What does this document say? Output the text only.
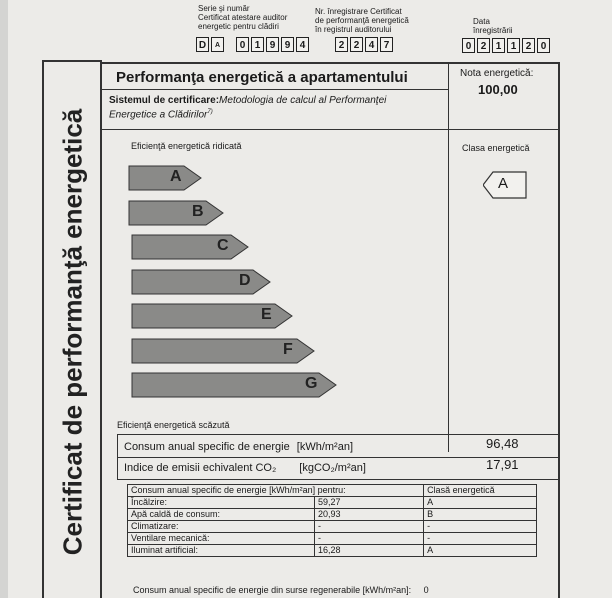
Serie şi număr
Certificat atestare auditor
energetic pentru clădiri
D	A	0 1 9 9 4
Nr. înregistrare Certificat
de performanţă energetică
în registrul auditorului
2 2 4 7
Data
înregistrării
0 2 1 1 2 0
Certificat de performanţă energetică
Performanţa energetică a apartamentului	Nota energetică:
100,00
Sistemul de certificare:Metodologia de calcul al Performanţei
Energetice a Clădirilor$^{7)}$
Eficienţă energetică ridicată	Clasa energetică
A
A
B
C
D
E
F
G
Eficienţă energetică scăzută
Consum anual specific de energie [kWh/m²an]	96,48
Indice de emisii echivalent CO₂ [kgCO₂/m²an]	17,91
Consum anual specific de energie [kWh/m²an] pentru:		Clasă energetică
Încălzire:	59,27	A
Apă caldă de consum:	20,93	B
Climatizare:	-	-
Ventilare mecanică:	-	-
Iluminat artificial:	16,28	A
Consum anual specific de energie din surse regenerabile [kWh/m²an]: 0
